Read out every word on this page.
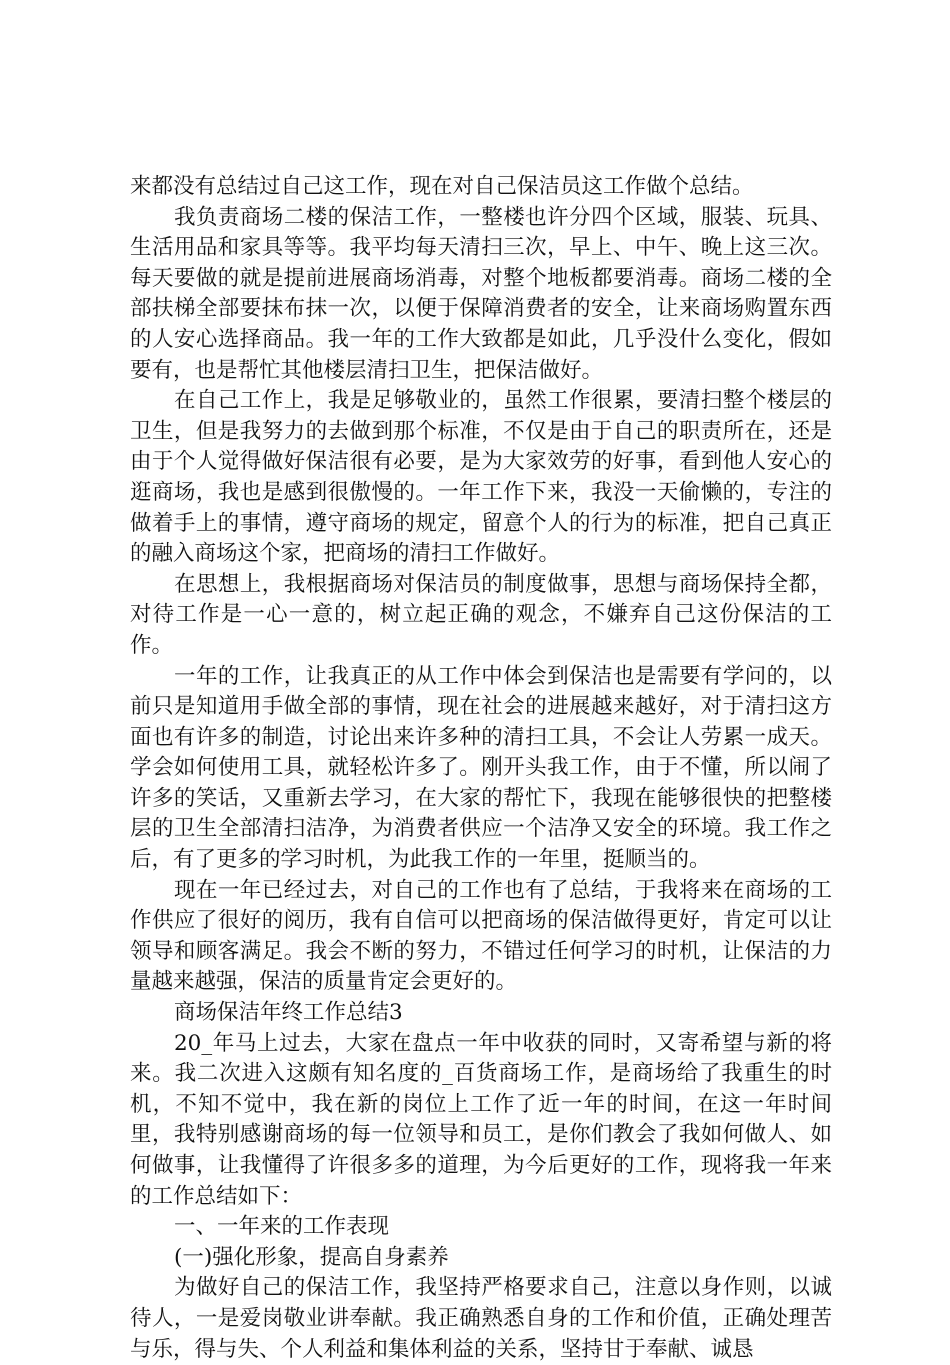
来都没有总结过自己这工作，现在对自己保洁员这工作做个总结。

我负责商场二楼的保洁工作，一整楼也许分四个区域，服装、玩具、生活用品和家具等等。我平均每天清扫三次，早上、中午、晚上这三次。每天要做的就是提前进展商场消毒，对整个地板都要消毒。商场二楼的全部扶梯全部要抹布抹一次，以便于保障消费者的安全，让来商场购置东西的人安心选择商品。我一年的工作大致都是如此，几乎没什么变化，假如要有，也是帮忙其他楼层清扫卫生，把保洁做好。

在自己工作上，我是足够敬业的，虽然工作很累，要清扫整个楼层的卫生，但是我努力的去做到那个标准，不仅是由于自己的职责所在，还是由于个人觉得做好保洁很有必要，是为大家效劳的好事，看到他人安心的逛商场，我也是感到很傲慢的。一年工作下来，我没一天偷懒的，专注的做着手上的事情，遵守商场的规定，留意个人的行为的标准，把自己真正的融入商场这个家，把商场的清扫工作做好。

在思想上，我根据商场对保洁员的制度做事，思想与商场保持全都，对待工作是一心一意的，树立起正确的观念，不嫌弃自己这份保洁的工作。

一年的工作，让我真正的从工作中体会到保洁也是需要有学问的，以前只是知道用手做全部的事情，现在社会的进展越来越好，对于清扫这方面也有许多的制造，讨论出来许多种的清扫工具，不会让人劳累一成天。学会如何使用工具，就轻松许多了。刚开头我工作，由于不懂，所以闹了许多的笑话，又重新去学习，在大家的帮忙下，我现在能够很快的把整楼层的卫生全部清扫洁净，为消费者供应一个洁净又安全的环境。我工作之后，有了更多的学习时机，为此我工作的一年里，挺顺当的。

现在一年已经过去，对自己的工作也有了总结，于我将来在商场的工作供应了很好的阅历，我有自信可以把商场的保洁做得更好，肯定可以让领导和顾客满足。我会不断的努力，不错过任何学习的时机，让保洁的力量越来越强，保洁的质量肯定会更好的。

商场保洁年终工作总结3

20_年马上过去，大家在盘点一年中收获的同时，又寄希望与新的将来。我二次进入这颇有知名度的_百货商场工作，是商场给了我重生的时机，不知不觉中，我在新的岗位上工作了近一年的时间，在这一年时间里，我特别感谢商场的每一位领导和员工，是你们教会了我如何做人、如何做事，让我懂得了许很多多的道理，为今后更好的工作，现将我一年来的工作总结如下：

一、一年来的工作表现

(一)强化形象，提高自身素养

为做好自己的保洁工作，我坚持严格要求自己，注意以身作则，以诚待人，一是爱岗敬业讲奉献。我正确熟悉自身的工作和价值，正确处理苦与乐，得与失、个人利益和集体利益的关系，坚持甘于奉献、诚恳
